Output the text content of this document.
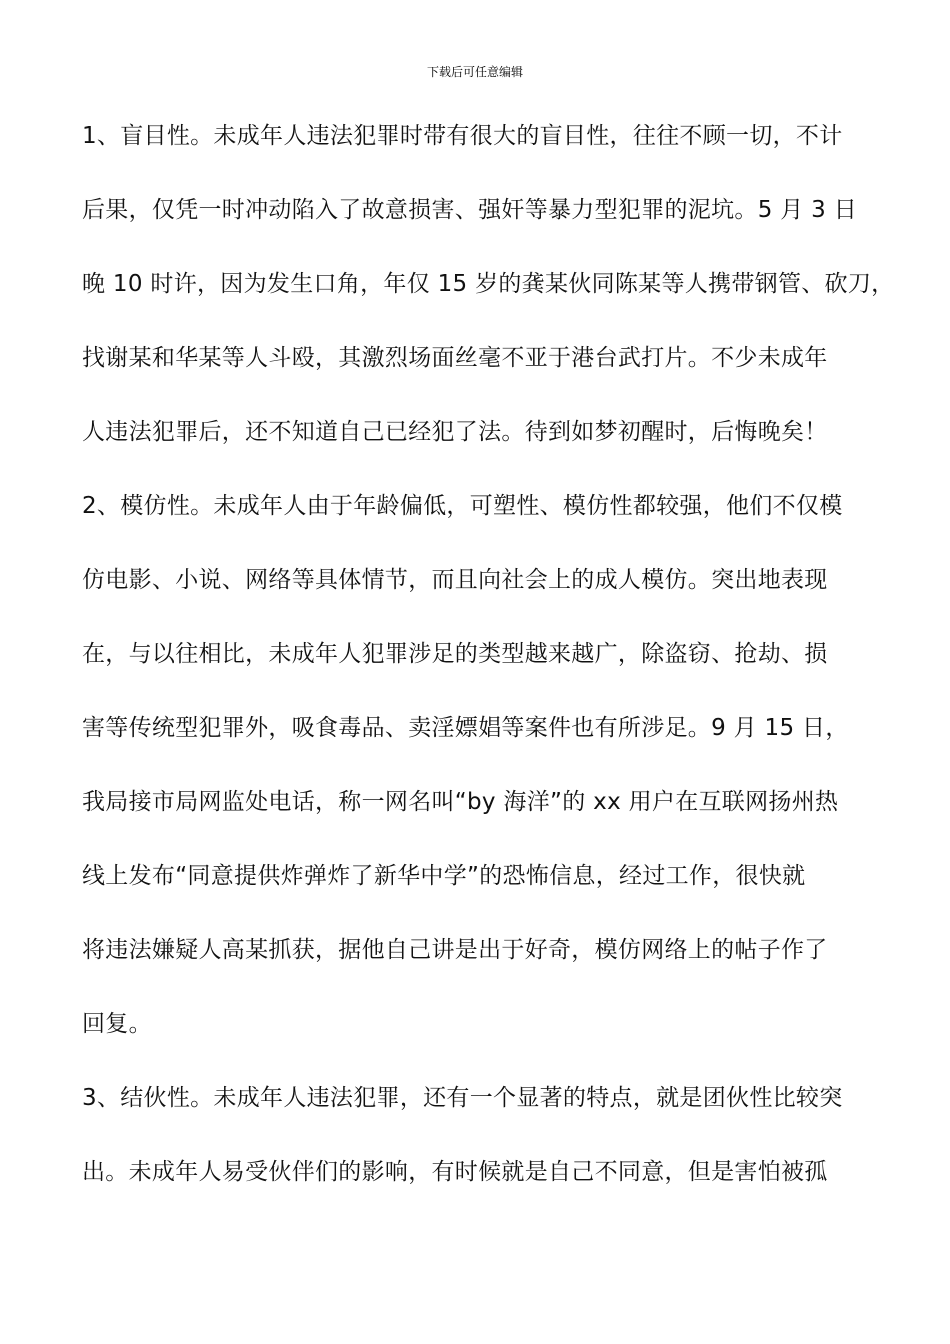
下载后可任意编辑
1、盲目性。未成年人违法犯罪时带有很大的盲目性，往往不顾一切，不计
后果，仅凭一时冲动陷入了故意损害、强奸等暴力型犯罪的泥坑。5 月 3 日
晚 10 时许，因为发生口角，年仅 15 岁的龚某伙同陈某等人携带钢管、砍刀，
找谢某和华某等人斗殴，其激烈场面丝毫不亚于港台武打片。不少未成年
人违法犯罪后，还不知道自己已经犯了法。待到如梦初醒时，后悔晚矣！
2、模仿性。未成年人由于年龄偏低，可塑性、模仿性都较强，他们不仅模
仿电影、小说、网络等具体情节，而且向社会上的成人模仿。突出地表现
在，与以往相比，未成年人犯罪涉足的类型越来越广，除盗窃、抢劫、损
害等传统型犯罪外，吸食毒品、卖淫嫖娼等案件也有所涉足。9 月 15 日，
我局接市局网监处电话，称一网名叫“by 海洋”的 xx 用户在互联网扬州热
线上发布“同意提供炸弹炸了新华中学”的恐怖信息，经过工作，很快就
将违法嫌疑人高某抓获，据他自己讲是出于好奇，模仿网络上的帖子作了
回复。
3、结伙性。未成年人违法犯罪，还有一个显著的特点，就是团伙性比较突
出。未成年人易受伙伴们的影响，有时候就是自己不同意，但是害怕被孤
